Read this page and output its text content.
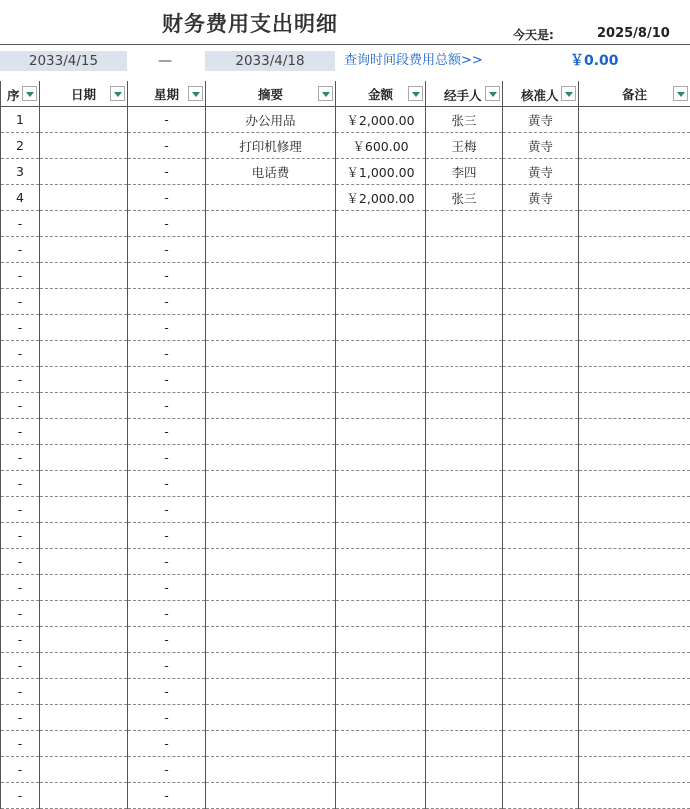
财务费用支出明细	今天是:	2025/8/10
2033/4/15	—	2033/4/18	查询时间段费用总额>>	￥0.00
序	日期	星期	摘要	金额	经手人	核准人	备注

1		-	办公用品	￥2,000.00	张三	黄寺	
2		-	打印机修理	￥600.00	王梅	黄寺	
3		-	电话费	￥1,000.00	李四	黄寺	
4		-		￥2,000.00	张三	黄寺	
-		-					
-		-					
-		-					
-		-					
-		-					
-		-					
-		-					
-		-					
-		-					
-		-					
-		-					
-		-					
-		-					
-		-					
-		-					
-		-					
-		-					
-		-					
-		-					
-		-					
-		-					
-		-					
-		-					
